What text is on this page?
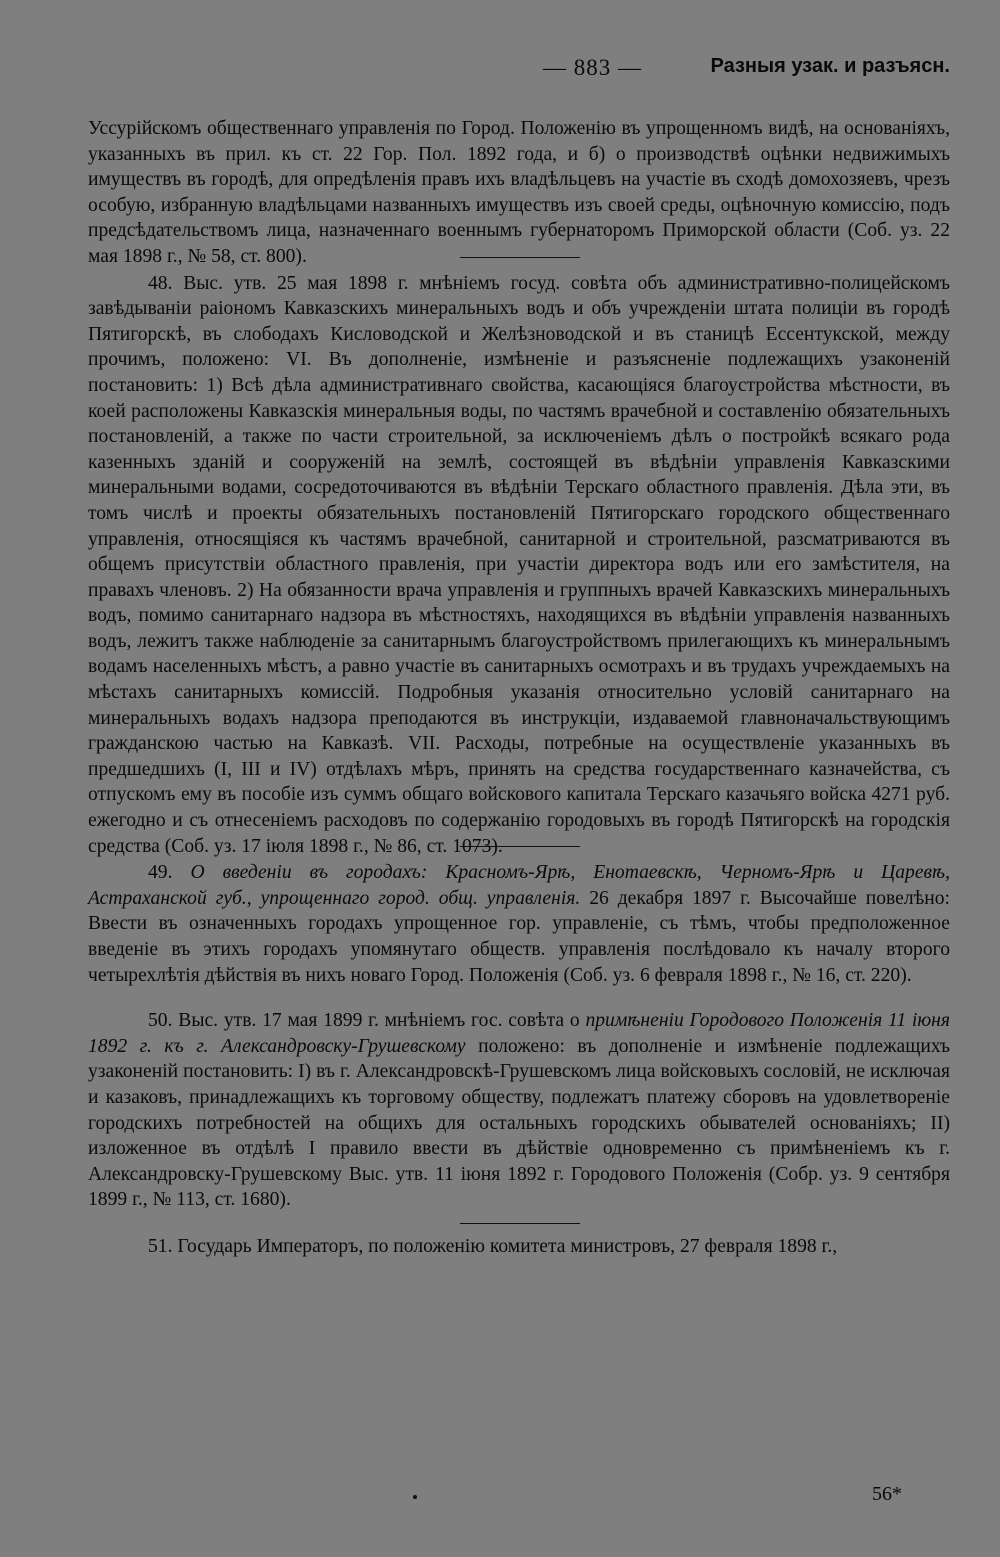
— 883 —	Разныя узак. и разъясн.

Уссурійскомъ общественнаго управленія по Город. Положенію въ упрощенномъ видѣ, на основаніяхъ, указанныхъ въ прил. къ ст. 22 Гор. Пол. 1892 года, и б) о производствѣ оцѣнки недвижимыхъ имуществъ въ городѣ, для опредѣленія правъ ихъ владѣльцевъ на участіе въ сходѣ домохозяевъ, чрезъ особую, избранную владѣльцами названныхъ имуществъ изъ своей среды, оцѣночную комиссію, подъ предсѣдательствомъ лица, назначеннаго военнымъ губернаторомъ Приморской области (Соб. уз. 22 мая 1898 г., № 58, ст. 800).

48. Выс. утв. 25 мая 1898 г. мнѣніемъ госуд. совѣта объ административно-полицейскомъ завѣдываніи раіономъ Кавказскихъ минеральныхъ водъ и объ учрежденіи штата полиціи въ городѣ Пятигорскѣ, въ слободахъ Кисловодской и Желѣзноводской и въ станицѣ Ессентукской, между прочимъ, положено: VI. Въ дополненіе, измѣненіе и разъясненіе подлежащихъ узаконеній постановить: 1) Всѣ дѣла административнаго свойства, касающіяся благоустройства мѣстности, въ коей расположены Кавказскія минеральныя воды, по частямъ врачебной и составленію обязательныхъ постановленій, а также по части строительной, за исключеніемъ дѣлъ о постройкѣ всякаго рода казенныхъ зданій и сооруженій на землѣ, состоящей въ вѣдѣніи управленія Кавказскими минеральными водами, сосредоточиваются въ вѣдѣніи Терскаго областного правленія. Дѣла эти, въ томъ числѣ и проекты обязательныхъ постановленій Пятигорскаго городского общественнаго управленія, относящіяся къ частямъ врачебной, санитарной и строительной, разсматриваются въ общемъ присутствіи областного правленія, при участіи директора водъ или его замѣстителя, на правахъ членовъ. 2) На обязанности врача управленія и группныхъ врачей Кавказскихъ минеральныхъ водъ, помимо санитарнаго надзора въ мѣстностяхъ, находящихся въ вѣдѣніи управленія названныхъ водъ, лежитъ также наблюденіе за санитарнымъ благоустройствомъ прилегающихъ къ минеральнымъ водамъ населенныхъ мѣстъ, а равно участіе въ санитарныхъ осмотрахъ и въ трудахъ учреждаемыхъ на мѣстахъ санитарныхъ комиссій. Подробныя указанія относительно условій санитарнаго на минеральныхъ водахъ надзора преподаются въ инструкціи, издаваемой главноначальствующимъ гражданскою частью на Кавказѣ. VII. Расходы, потребные на осуществленіе указанныхъ въ предшедшихъ (I, III и IV) отдѣлахъ мѣръ, принять на средства государственнаго казначейства, съ отпускомъ ему въ пособіе изъ суммъ общаго войскового капитала Терскаго казачьяго войска 4271 руб. ежегодно и съ отнесеніемъ расходовъ по содержанію городовыхъ въ городѣ Пятигорскѣ на городскія средства (Соб. уз. 17 іюля 1898 г., № 86, ст. 1073).

49. О введеніи въ городахъ: Красномъ-Ярѣ, Енотаевскѣ, Черномъ-Ярѣ и Царевѣ, Астраханской губ., упрощеннаго город. общ. управленія. 26 декабря 1897 г. Высочайше повелѣно: Ввести въ означенныхъ городахъ упрощенное гор. управленіе, съ тѣмъ, чтобы предположенное введеніе въ этихъ городахъ упомянутаго обществ. управленія послѣдовало къ началу второго четырехлѣтія дѣйствія въ нихъ новаго Город. Положенія (Соб. уз. 6 февраля 1898 г., № 16, ст. 220).

50. Выс. утв. 17 мая 1899 г. мнѣніемъ гос. совѣта о примѣненіи Городового Положенія 11 іюня 1892 г. къ г. Александровску-Грушевскому положено: въ дополненіе и измѣненіе подлежащихъ узаконеній постановить: I) въ г. Александровскѣ-Грушевскомъ лица войсковыхъ сословій, не исключая и казаковъ, принадлежащихъ къ торговому обществу, подлежатъ платежу сборовъ на удовлетвореніе городскихъ потребностей на общихъ для остальныхъ городскихъ обывателей основаніяхъ; II) изложенное въ отдѣлѣ I правило ввести въ дѣйствіе одновременно съ примѣненіемъ къ г. Александровску-Грушевскому Выс. утв. 11 іюня 1892 г. Городового Положенія (Собр. уз. 9 сентября 1899 г., № 113, ст. 1680).

51. Государь Императоръ, по положенію комитета министровъ, 27 февраля 1898 г.,

56*
